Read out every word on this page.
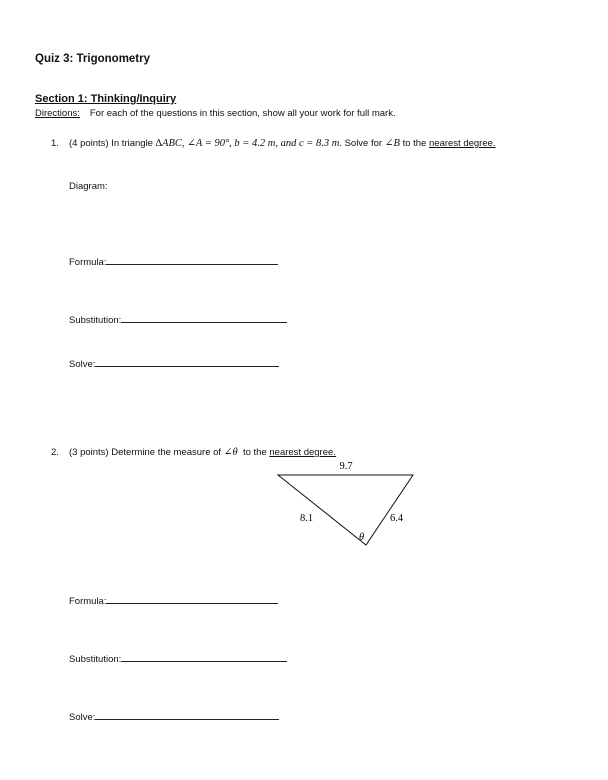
Quiz 3: Trigonometry
Section 1: Thinking/Inquiry
Directions: For each of the questions in this section, show all your work for full mark.
1. (4 points) In triangle ∆ABC, ∠A = 90°, b = 4.2 m, and c = 8.3 m. Solve for ∠B to the nearest degree.
Diagram:
Formula:
Substitution:
Solve:
2. (3 points) Determine the measure of ∠θ  to the nearest degree.
9.7
8.1	6.4
θ
Formula:
Substitution:
Solve:
